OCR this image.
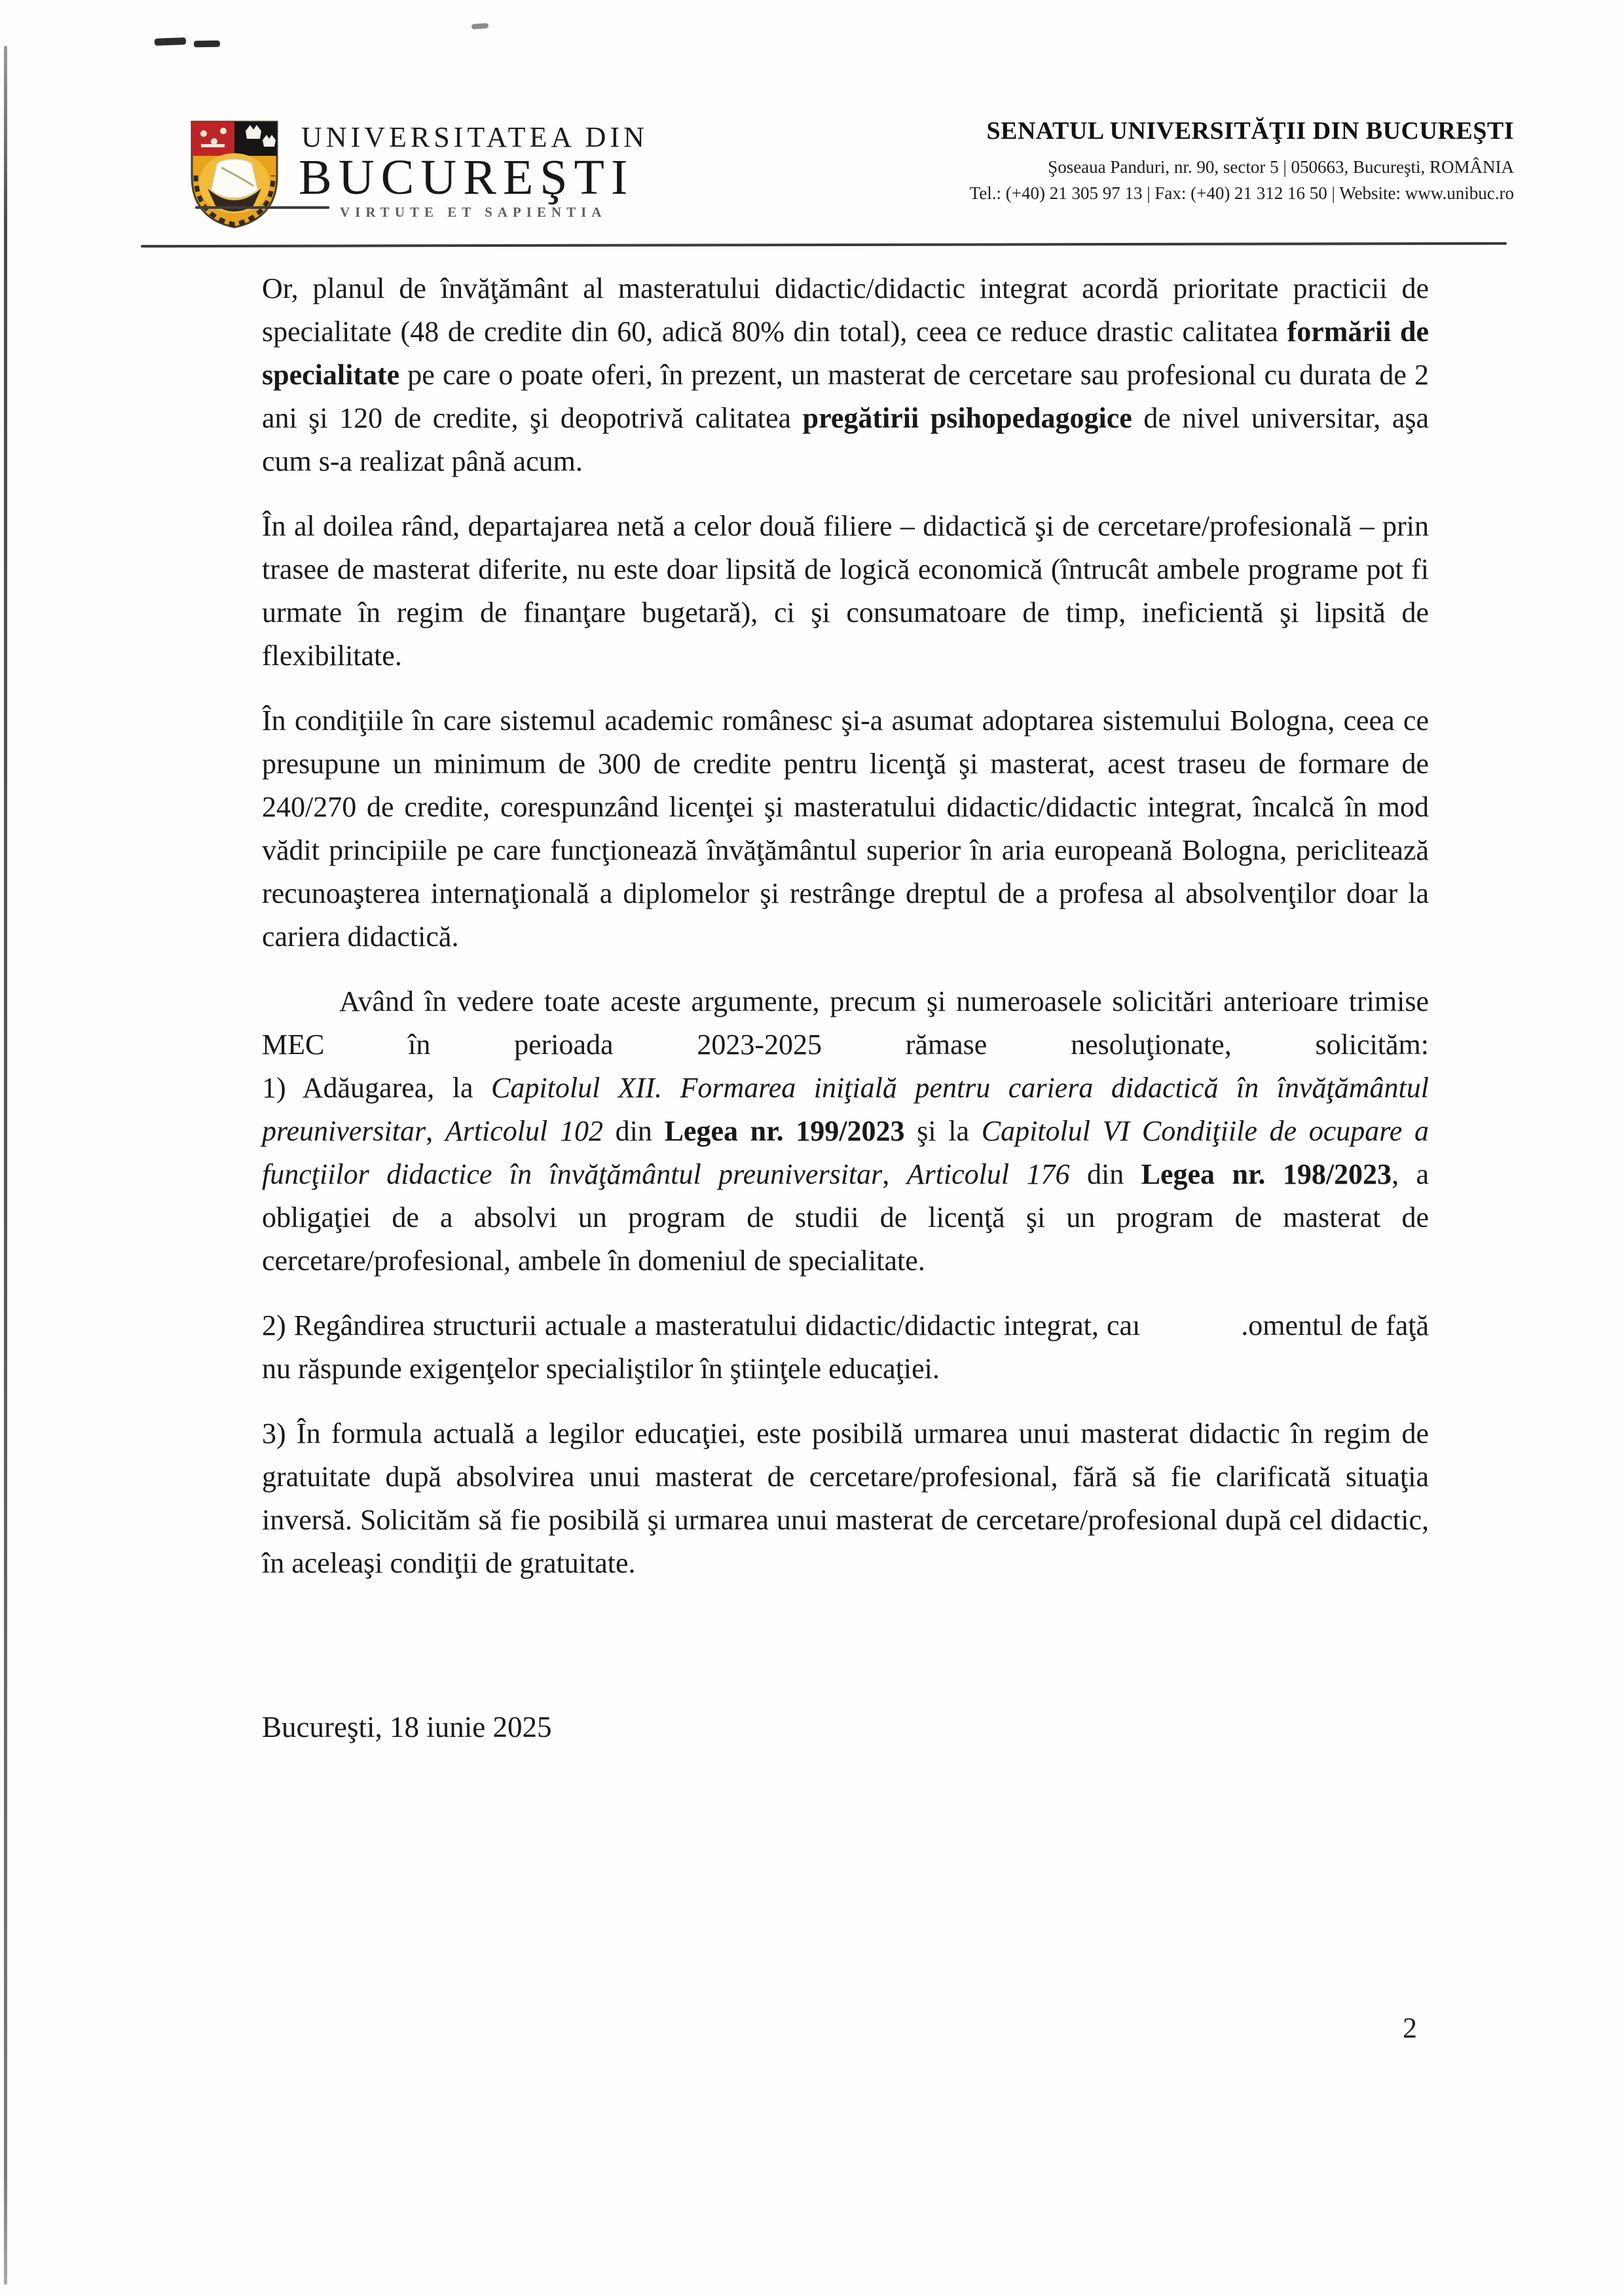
UNIVERSITATEA DIN
BUCUREŞTI
VIRTUTE ET SAPIENTIA
SENATUL UNIVERSITĂŢII DIN BUCUREŞTI
Şoseaua Panduri, nr. 90, sector 5 | 050663, Bucureşti, ROMÂNIA
Tel.: (+40) 21 305 97 13 | Fax: (+40) 21 312 16 50 | Website: www.unibuc.ro

Or, planul de învăţământ al masteratului didactic/didactic integrat acordă prioritate practicii de specialitate (48 de credite din 60, adică 80% din total), ceea ce reduce drastic calitatea formării de specialitate pe care o poate oferi, în prezent, un masterat de cercetare sau profesional cu durata de 2 ani şi 120 de credite, şi deopotrivă calitatea pregătirii psihopedagogice de nivel universitar, aşa cum s-a realizat până acum.

În al doilea rând, departajarea netă a celor două filiere – didactică şi de cercetare/profesională – prin trasee de masterat diferite, nu este doar lipsită de logică economică (întrucât ambele programe pot fi urmate în regim de finanţare bugetară), ci şi consumatoare de timp, ineficientă şi lipsită de flexibilitate.

În condiţiile în care sistemul academic românesc şi-a asumat adoptarea sistemului Bologna, ceea ce presupune un minimum de 300 de credite pentru licenţă şi masterat, acest traseu de formare de 240/270 de credite, corespunzând licenţei şi masteratului didactic/didactic integrat, încalcă în mod vădit principiile pe care funcţionează învăţământul superior în aria europeană Bologna, periclitează recunoaşterea internaţională a diplomelor şi restrânge dreptul de a profesa al absolvenţilor doar la cariera didactică.

Având în vedere toate aceste argumente, precum şi numeroasele solicitări anterioare trimise MEC în perioada 2023-2025 rămase nesoluţionate, solicităm:

1) Adăugarea, la Capitolul XII. Formarea iniţială pentru cariera didactică în învăţământul preuniversitar, Articolul 102 din Legea nr. 199/2023 şi la Capitolul VI Condiţiile de ocupare a funcţiilor didactice în învăţământul preuniversitar, Articolul 176 din Legea nr. 198/2023, a obligaţiei de a absolvi un program de studii de licenţă şi un program de masterat de cercetare/profesional, ambele în domeniul de specialitate.

2) Regândirea structurii actuale a masteratului didactic/didactic integrat, caı    	.omentul de faţă nu răspunde exigenţelor specialiştilor în ştiinţele educaţiei.

3) În formula actuală a legilor educaţiei, este posibilă urmarea unui masterat didactic în regim de gratuitate după absolvirea unui masterat de cercetare/profesional, fără să fie clarificată situaţia inversă. Solicităm să fie posibilă şi urmarea unui masterat de cercetare/profesional după cel didactic, în aceleaşi condiţii de gratuitate.

Bucureşti, 18 iunie 2025
2
